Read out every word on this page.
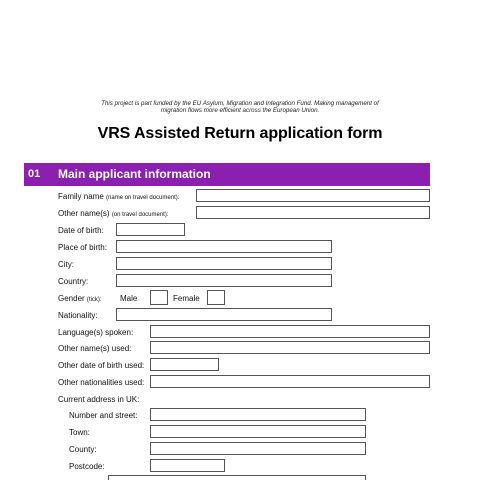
This project is part funded by the EU Asylum, Migration and Integration Fund. Making management of
migration flows more efficient across the European Union.
VRS Assisted Return application form
01 Main applicant information
Family name (name on travel document):
Other name(s) (on travel document):
Date of birth:
Place of birth:
City:
Country:
Gender (tick): Male	Female
Nationality:
Language(s) spoken:
Other name(s) used:
Other date of birth used:
Other nationalities used:
Current address in UK:
Number and street:
Town:
County:
Postcode:
